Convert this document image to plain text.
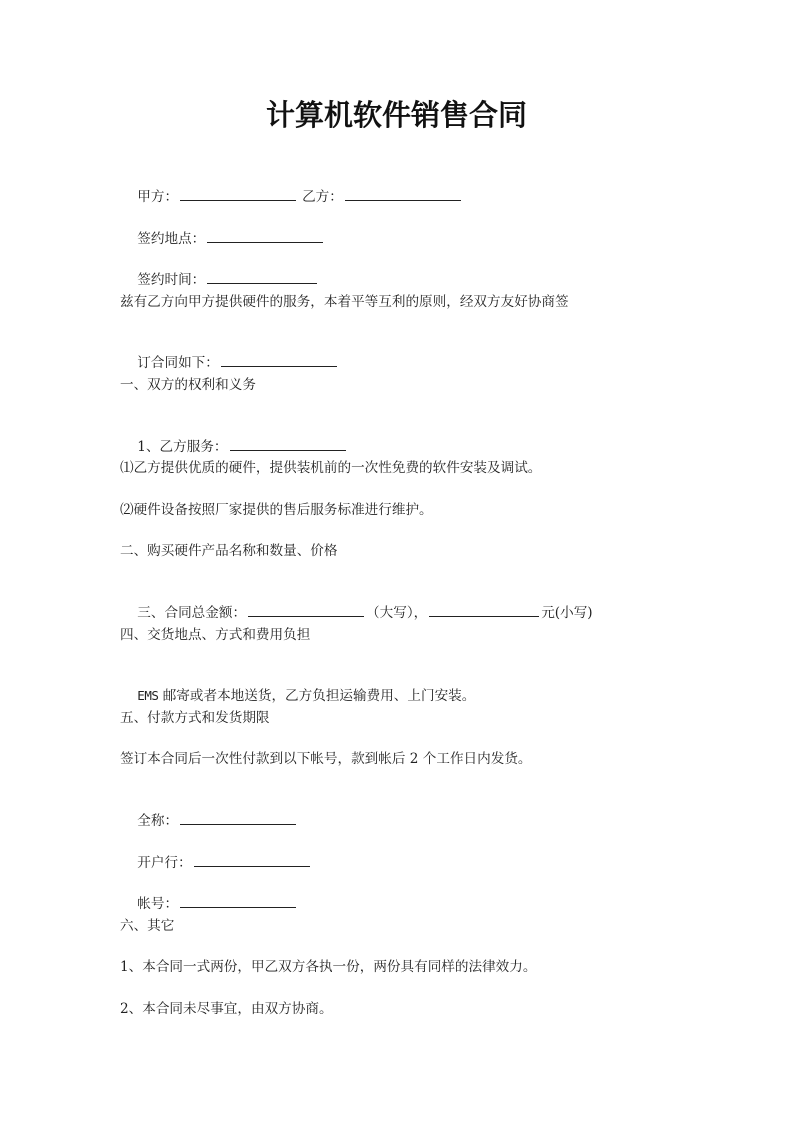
计算机软件销售合同

甲方：	乙方：

签约地点：

签约时间：

兹有乙方向甲方提供硬件的服务，本着平等互利的原则，经双方友好协商签

订合同如下：

一、双方的权利和义务

1、乙方服务：

⑴乙方提供优质的硬件，提供装机前的一次性免费的软件安装及调试。
⑵硬件设备按照厂家提供的售后服务标准进行维护。
二、购买硬件产品名称和数量、价格

三、合同总金额：	（大写），	元(小写)

四、交货地点、方式和费用负担

EMS 邮寄或者本地送货，乙方负担运输费用、上门安装。

五、付款方式和发货期限
签订本合同后一次性付款到以下帐号，款到帐后 2 个工作日内发货。

全称：

开户行：

帐号：

六、其它
1、本合同一式两份，甲乙双方各执一份，两份具有同样的法律效力。
2、本合同未尽事宜，由双方协商。
